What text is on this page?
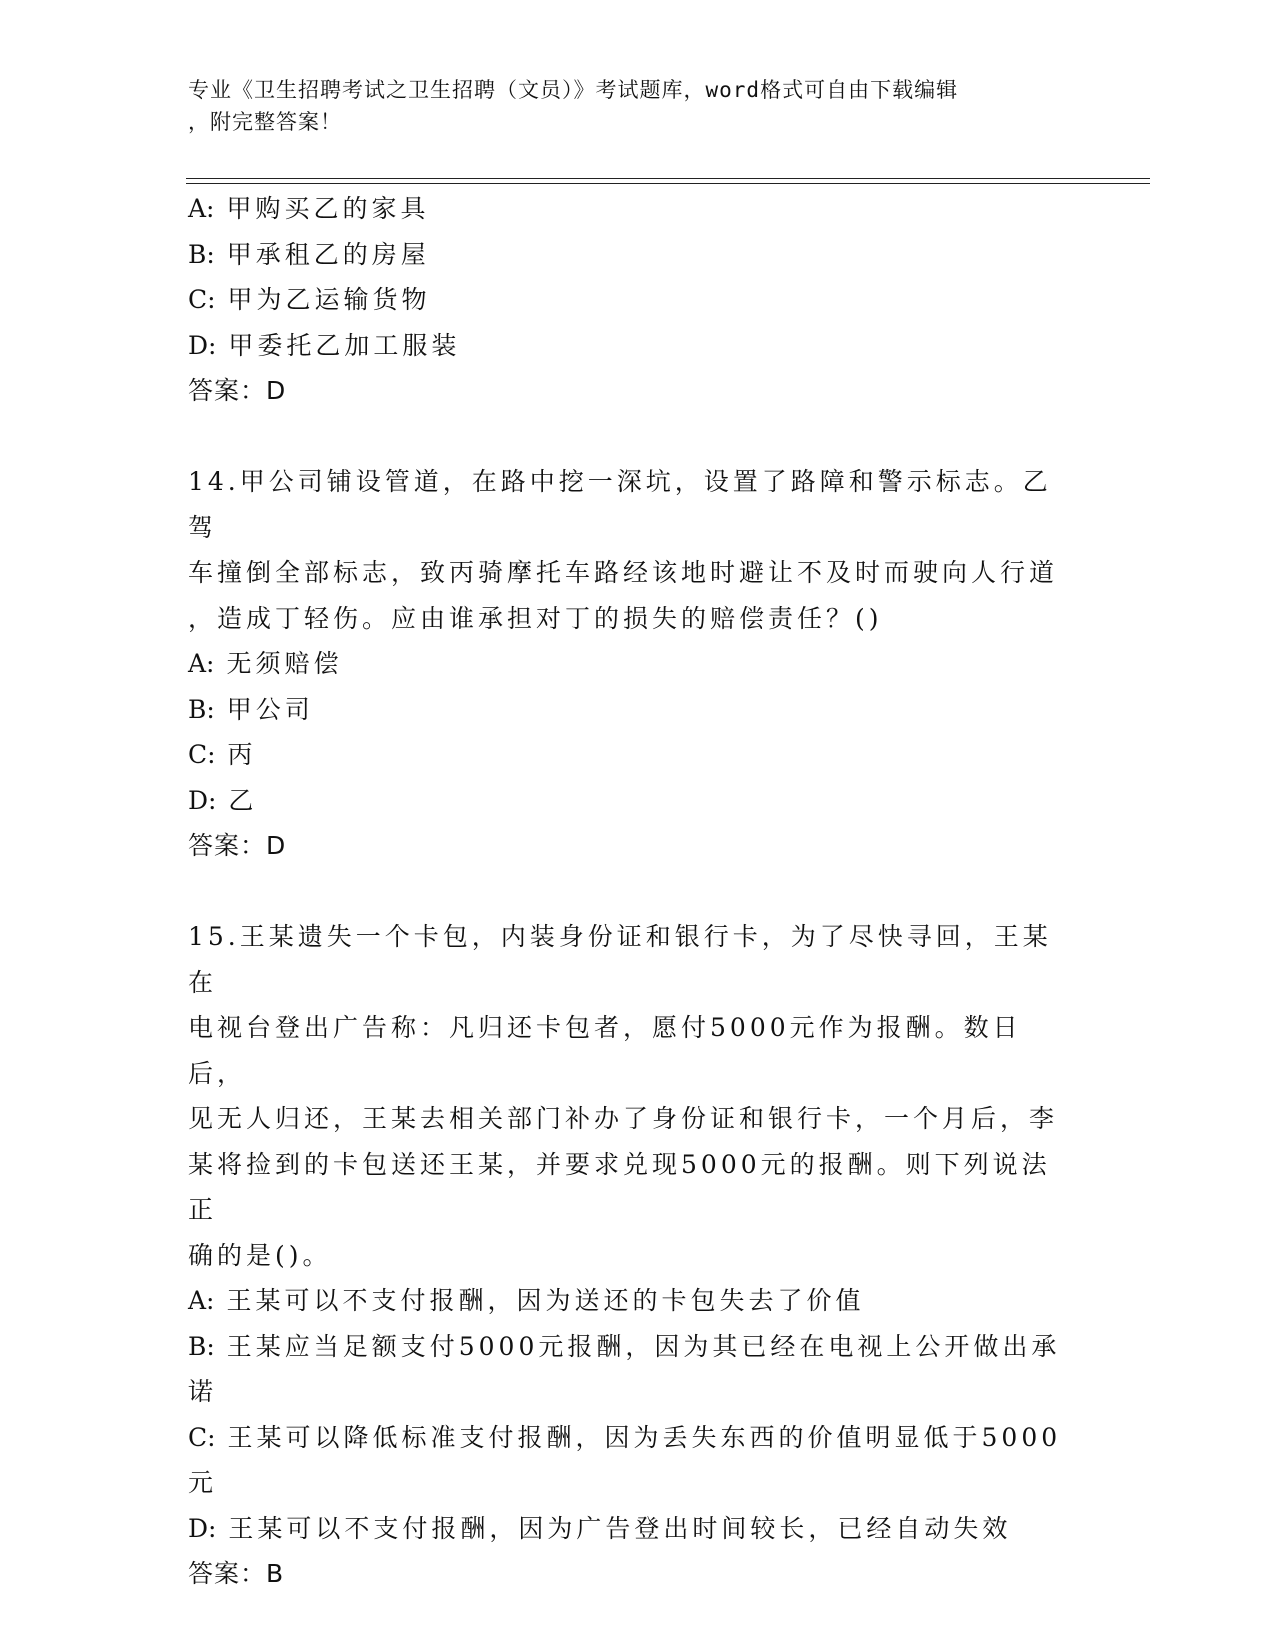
专业《卫生招聘考试之卫生招聘（文员）》考试题库，word格式可自由下载编辑
，附完整答案！
A: 甲购买乙的家具
B: 甲承租乙的房屋
C: 甲为乙运输货物
D: 甲委托乙加工服装
答案：D
14.甲公司铺设管道，在路中挖一深坑，设置了路障和警示标志。乙驾
车撞倒全部标志，致丙骑摩托车路经该地时避让不及时而驶向人行道
，造成丁轻伤。应由谁承担对丁的损失的赔偿责任？()
A: 无须赔偿
B: 甲公司
C: 丙
D: 乙
答案：D
15.王某遗失一个卡包，内装身份证和银行卡，为了尽快寻回，王某在
电视台登出广告称：凡归还卡包者，愿付5000元作为报酬。数日后，
见无人归还，王某去相关部门补办了身份证和银行卡，一个月后，李
某将捡到的卡包送还王某，并要求兑现5000元的报酬。则下列说法正
确的是()。
A: 王某可以不支付报酬，因为送还的卡包失去了价值
B: 王某应当足额支付5000元报酬，因为其已经在电视上公开做出承
诺
C: 王某可以降低标准支付报酬，因为丢失东西的价值明显低于5000
元
D: 王某可以不支付报酬，因为广告登出时间较长，已经自动失效
答案：B
